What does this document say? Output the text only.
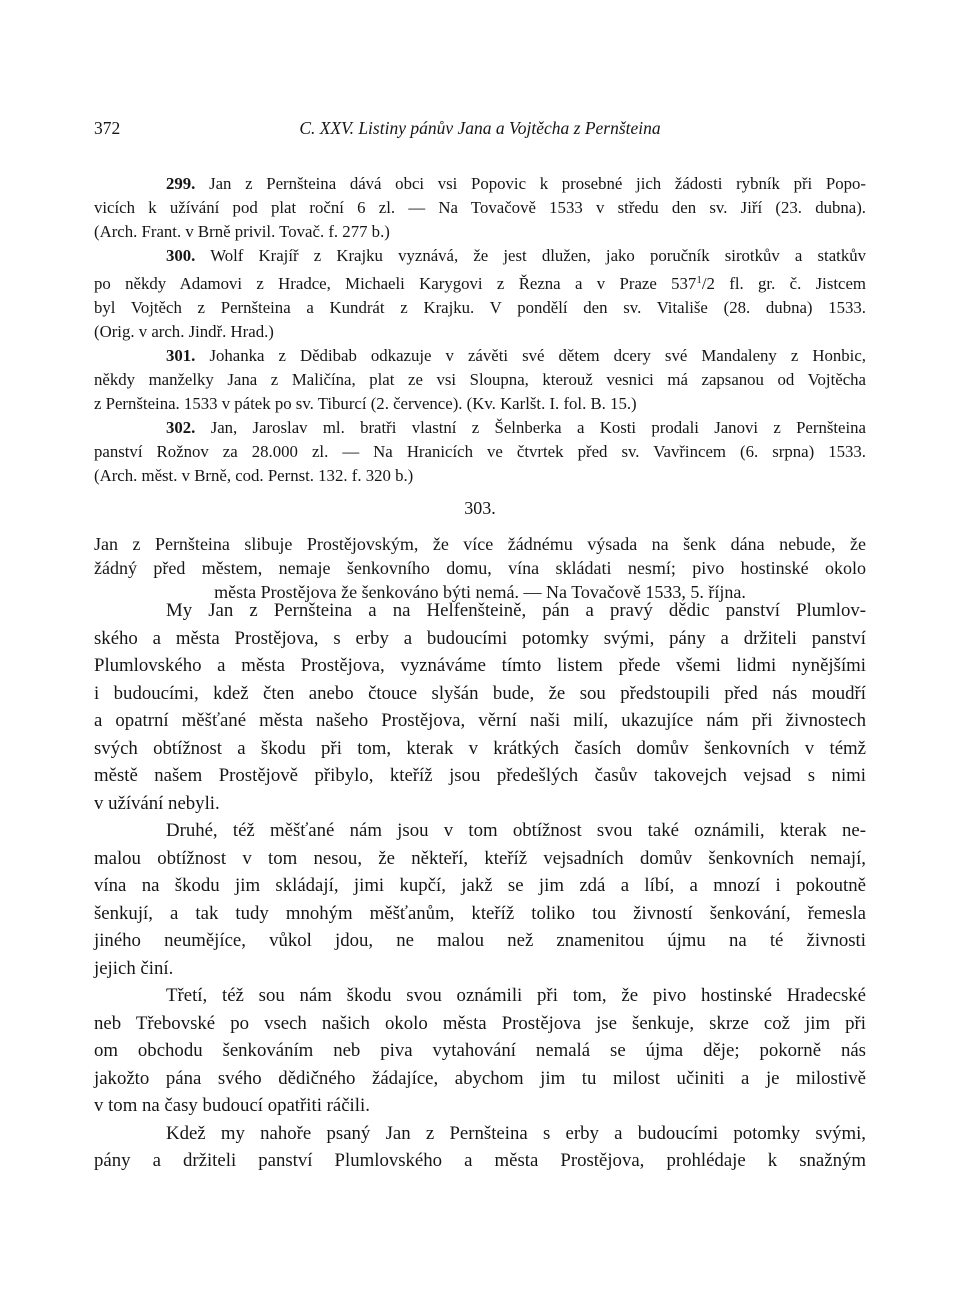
372	C. XXV. Listiny pánův Jana a Vojtěcha z Pernšteina
299. Jan z Pernšteina dává obci vsi Popovic k prosebné jich žádosti rybník při Popo-
vicích k užívání pod plat roční 6 zl. — Na Tovačově 1533 v středu den sv. Jiří (23. dubna).
(Arch. Frant. v Brně privil. Tovač. f. 277 b.)
300. Wolf Krajíř z Krajku vyznává, že jest dlužen, jako poručník sirotkův a statkův
po někdy Adamovi z Hradce, Michaeli Karygovi z Řezna a v Praze $537^1/2$ fl. gr. č. Jistcem
byl Vojtěch z Pernšteina a Kundrát z Krajku. V pondělí den sv. Vitališe (28. dubna) 1533.
(Orig. v arch. Jindř. Hrad.)
301. Johanka z Dědibab odkazuje v závěti své dětem dcery své Mandaleny z Honbic,
někdy manželky Jana z Maličína, plat ze vsi Sloupna, kterouž vesnici má zapsanou od Vojtěcha
z Pernšteina. 1533 v pátek po sv. Tiburcí (2. července). (Kv. Karlšt. I. fol. B. 15.)
302. Jan, Jaroslav ml. bratři vlastní z Šelnberka a Kosti prodali Janovi z Pernšteina
panství Rožnov za 28.000 zl. — Na Hranicích ve čtvrtek před sv. Vavřincem (6. srpna) 1533.
(Arch. měst. v Brně, cod. Pernst. 132. f. 320 b.)
303.
Jan z Pernšteina slibuje Prostějovským, že více žádnému výsada na šenk dána nebude, že
žádný před městem, nemaje šenkovního domu, vína skládati nesmí; pivo hostinské okolo
města Prostějova že šenkováno býti nemá. — Na Tovačově 1533, 5. října.
My Jan z Pernšteina a na Helfenšteině, pán a pravý dědic panství Plumlov-
ského a města Prostějova, s erby a budoucími potomky svými, pány a držiteli panství
Plumlovského a města Prostějova, vyznáváme tímto listem přede všemi lidmi nynějšími
i budoucími, kdež čten anebo čtouce slyšán bude, že sou předstoupili před nás moudří
a opatrní měšťané města našeho Prostějova, věrní naši milí, ukazujíce nám při živnostech
svých obtížnost a škodu při tom, kterak v krátkých časích domův šenkovních v témž
městě našem Prostějově přibylo, kteříž jsou předešlých časův takovejch vejsad s nimi
v užívání nebyli.
Druhé, též měšťané nám jsou v tom obtížnost svou také oznámili, kterak ne-
malou obtížnost v tom nesou, že někteří, kteříž vejsadních domův šenkovních nemají,
vína na škodu jim skládají, jimi kupčí, jakž se jim zdá a líbí, a mnozí i pokoutně
šenkují, a tak tudy mnohým měšťanům, kteříž toliko tou živností šenkování, řemesla
jiného neumějíce, vůkol jdou, ne malou než znamenitou újmu na té živnosti
jejich činí.
Třetí, též sou nám škodu svou oznámili při tom, že pivo hostinské Hradecské
neb Třebovské po vsech našich okolo města Prostějova jse šenkuje, skrze což jim při
om obchodu šenkováním neb piva vytahování nemalá se újma děje; pokorně nás
jakožto pána svého dědičného žádajíce, abychom jim tu milost učiniti a je milostivě
v tom na časy budoucí opatřiti ráčili.
Kdež my nahoře psaný Jan z Pernšteina s erby a budoucími potomky svými,
pány a držiteli panství Plumlovského a města Prostějova, prohlédaje k snažným
